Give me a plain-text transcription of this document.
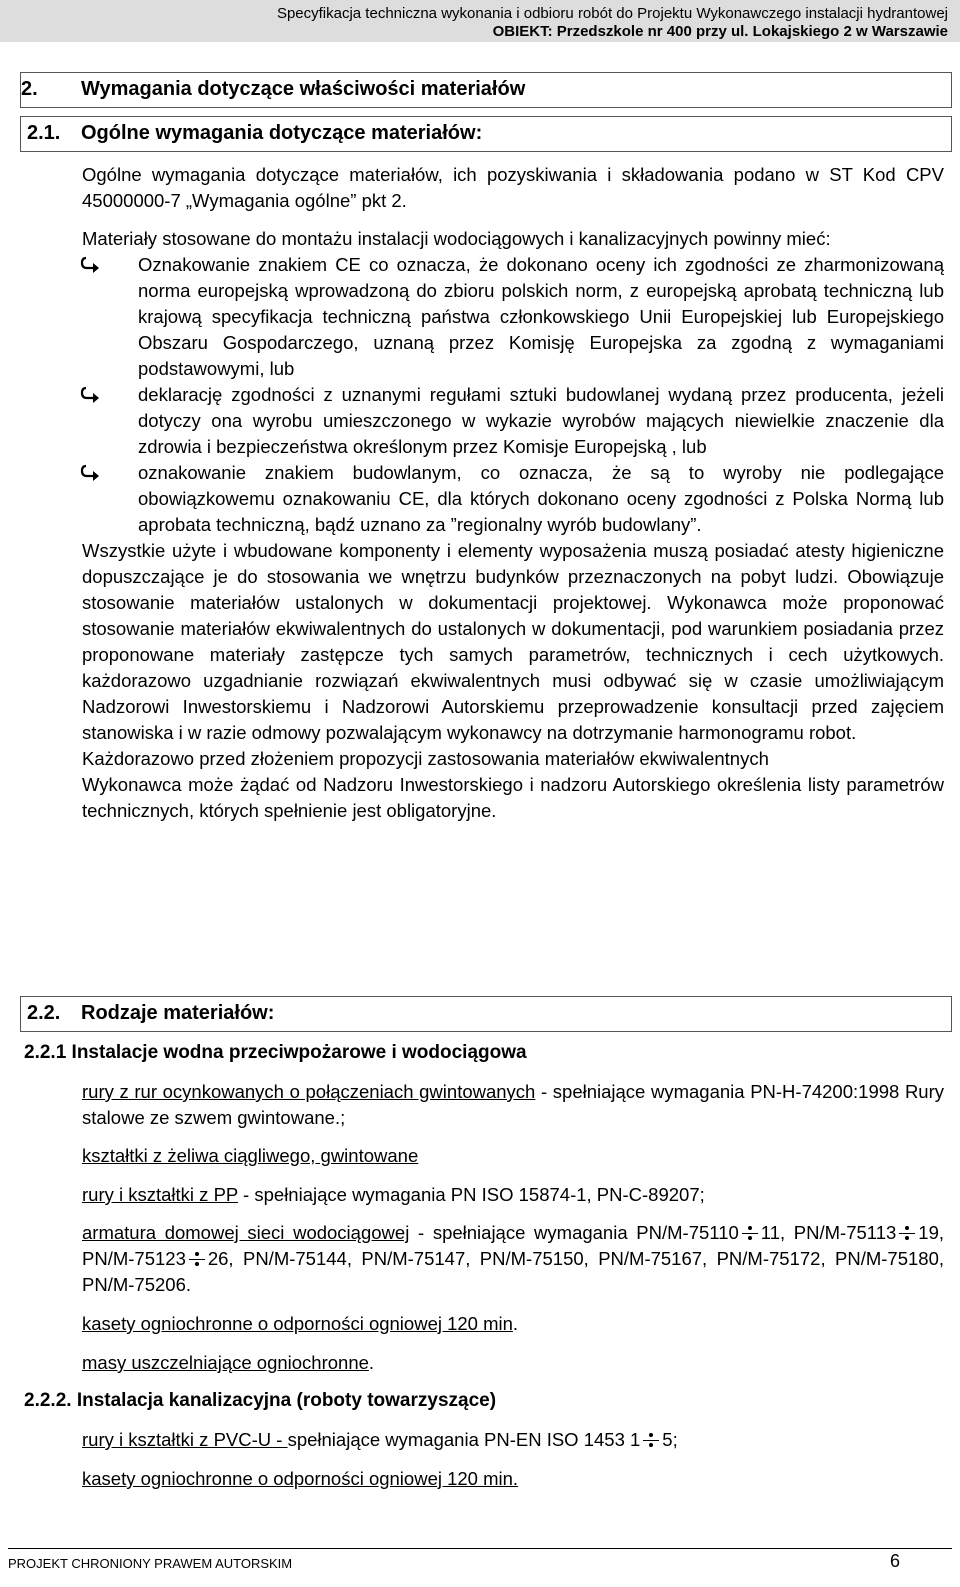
Specyfikacja techniczna wykonania i odbioru robót do Projektu Wykonawczego instalacji hydrantowej
OBIEKT: Przedszkole nr 400 przy ul. Lokajskiego 2 w Warszawie
2. Wymagania dotyczące właściwości materiałów
2.1. Ogólne wymagania dotyczące materiałów:

Ogólne wymagania dotyczące materiałów, ich pozyskiwania i składowania podano w ST Kod CPV 45000000-7 „Wymagania ogólne” pkt 2.

Materiały stosowane do montażu instalacji wodociągowych i kanalizacyjnych powinny mieć:

Oznakowanie znakiem CE co oznacza, że dokonano oceny ich zgodności ze zharmonizowaną norma europejską wprowadzoną do zbioru polskich norm, z europejską aprobatą techniczną lub krajową specyfikacja techniczną państwa członkowskiego Unii Europejskiej lub Europejskiego Obszaru Gospodarczego, uznaną przez Komisję Europejska za zgodną z wymaganiami podstawowymi, lub
deklarację zgodności z uznanymi regułami sztuki budowlanej wydaną przez producenta, jeżeli dotyczy ona wyrobu umieszczonego w wykazie wyrobów mających niewielkie znaczenie dla zdrowia i bezpieczeństwa określonym przez Komisje Europejską , lub
oznakowanie znakiem budowlanym, co oznacza, że są to wyroby nie podlegające obowiązkowemu oznakowaniu CE, dla których dokonano oceny zgodności z Polska Normą lub aprobata techniczną, bądź uznano za ”regionalny wyrób budowlany”.

Wszystkie użyte i wbudowane komponenty i elementy wyposażenia muszą posiadać atesty higieniczne dopuszczające je do stosowania we wnętrzu budynków przeznaczonych na pobyt ludzi. Obowiązuje stosowanie materiałów ustalonych w dokumentacji projektowej. Wykonawca może proponować stosowanie materiałów ekwiwalentnych do ustalonych w dokumentacji, pod warunkiem posiadania przez proponowane materiały zastępcze tych samych parametrów, technicznych i cech użytkowych. każdorazowo uzgadnianie rozwiązań ekwiwalentnych musi odbywać się w czasie umożliwiającym Nadzorowi Inwestorskiemu i Nadzorowi Autorskiemu przeprowadzenie konsultacji przed zajęciem stanowiska i w razie odmowy pozwalającym wykonawcy na dotrzymanie harmonogramu robot.

Każdorazowo przed złożeniem propozycji zastosowania materiałów ekwiwalentnych

Wykonawca może żądać od Nadzoru Inwestorskiego i nadzoru Autorskiego określenia listy parametrów technicznych, których spełnienie jest obligatoryjne.

2.2. Rodzaje materiałów:
2.2.1 Instalacje wodna przeciwpożarowe i wodociągowa
rury z rur ocynkowanych o połączeniach gwintowanych - spełniające wymagania PN-H-74200:1998 Rury stalowe ze szwem gwintowane.;
kształtki z żeliwa ciągliwego, gwintowane
rury i kształtki z PP - spełniające wymagania PN ISO 15874-1, PN-C-89207;
armatura domowej sieci wodociągowej - spełniające wymagania PN/M-75110 11, PN/M-75113 19, PN/M-75123 26, PN/M-75144, PN/M-75147, PN/M-75150, PN/M-75167, PN/M-75172, PN/M-75180, PN/M-75206.
kasety ogniochronne o odporności ogniowej 120 min.
masy uszczelniające ogniochronne.
2.2.2. Instalacja kanalizacyjna (roboty towarzyszące)
rury i kształtki z PVC-U - spełniające wymagania PN-EN ISO 1453 1 5;
kasety ogniochronne o odporności ogniowej 120 min.
PROJEKT CHRONIONY PRAWEM AUTORSKIM	6
